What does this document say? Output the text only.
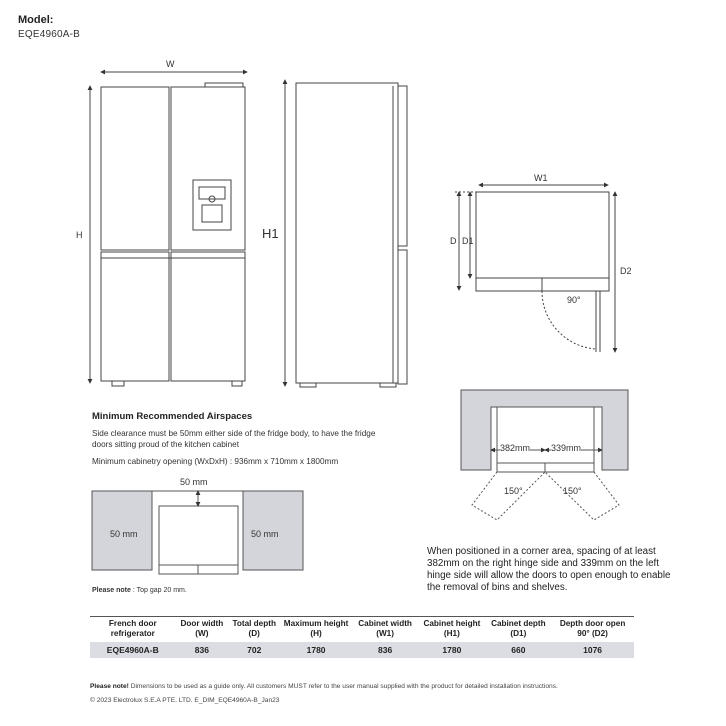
Model:
EQE4960A-B
W
H	H1
W1
D D1
D2
90°
Minimum Recommended Airspaces
Side clearance must be 50mm either side of the fridge body, to have the fridge doors sitting proud of the kitchen cabinet
Minimum cabinetry opening (WxDxH) : 936mm x 710mm x 1800mm
50 mm
50 mm	50 mm
Please note : Top gap 20 mm.
382mm 339mm
150°	150°
When positioned in a corner area, spacing of at least 382mm on the right hinge side and 339mm on the left hinge side will allow the doors to open enough to enable the removal of bins and shelves.
French door refrigerator	Door width (W)	Total depth (D)	Maximum height (H)	Cabinet width (W1)	Cabinet height (H1)	Cabinet depth (D1)	Depth door open 90° (D2)
EQE4960A-B	836	702	1780	836	1780	660	1076
Please note! Dimensions to be used as a guide only. All customers MUST refer to the user manual supplied with the product for detailed installation instructions.
© 2023 Electrolux S.E.A PTE. LTD. E_DIM_EQE4960A-B_Jan23
